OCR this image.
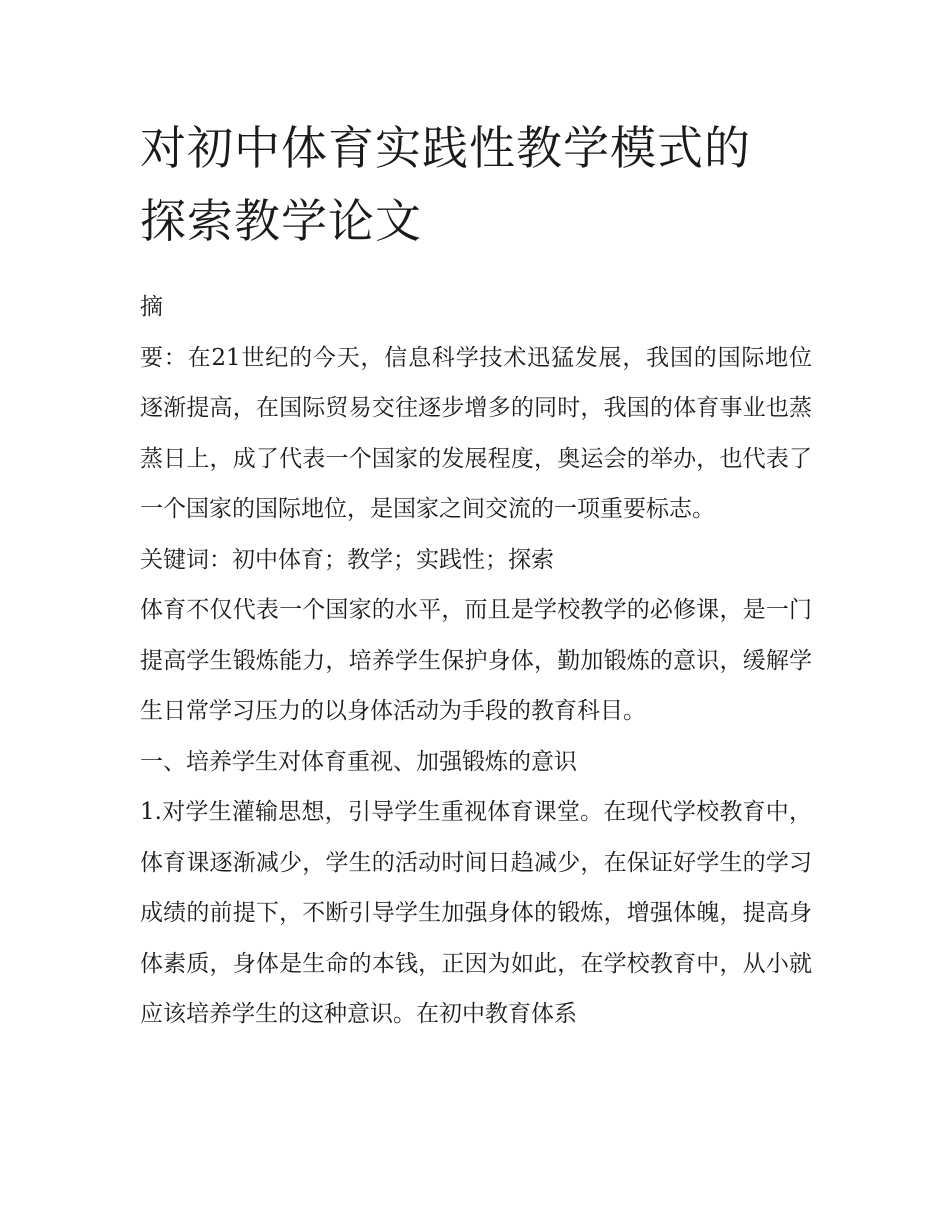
对初中体育实践性教学模式的
探索教学论文

摘

要：在21世纪的今天，信息科学技术迅猛发展，我国的国际地位逐渐提高，在国际贸易交往逐步增多的同时，我国的体育事业也蒸蒸日上，成了代表一个国家的发展程度，奥运会的举办，也代表了一个国家的国际地位，是国家之间交流的一项重要标志。

关键词：初中体育；教学；实践性；探索

体育不仅代表一个国家的水平，而且是学校教学的必修课，是一门提高学生锻炼能力，培养学生保护身体，勤加锻炼的意识，缓解学生日常学习压力的以身体活动为手段的教育科目。

一、培养学生对体育重视、加强锻炼的意识

1.对学生灌输思想，引导学生重视体育课堂。在现代学校教育中，体育课逐渐减少，学生的活动时间日趋减少，在保证好学生的学习成绩的前提下，不断引导学生加强身体的锻炼，增强体魄，提高身体素质，身体是生命的本钱，正因为如此，在学校教育中，从小就应该培养学生的这种意识。在初中教育体系
